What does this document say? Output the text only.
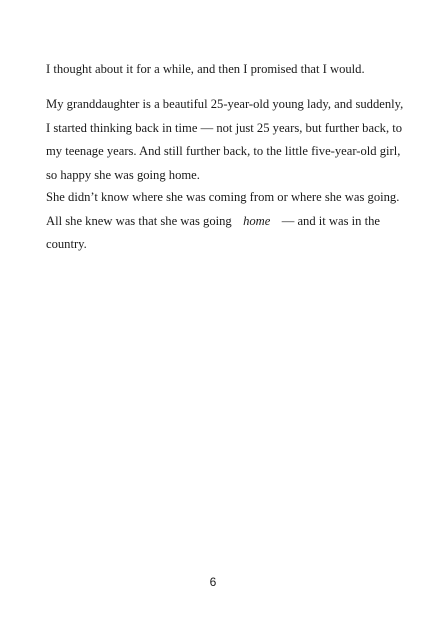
I thought about it for a while, and then I promised that I would.
My granddaughter is a beautiful 25-year-old young lady, and suddenly,
I started thinking back in time — not just 25 years, but further back, to
my teenage years. And still further back, to the little five-year-old girl,
so happy she was going home.
She didn’t know where she was coming from or where she was going.
All she knew was that she was going home — and it was in the
country.
6
